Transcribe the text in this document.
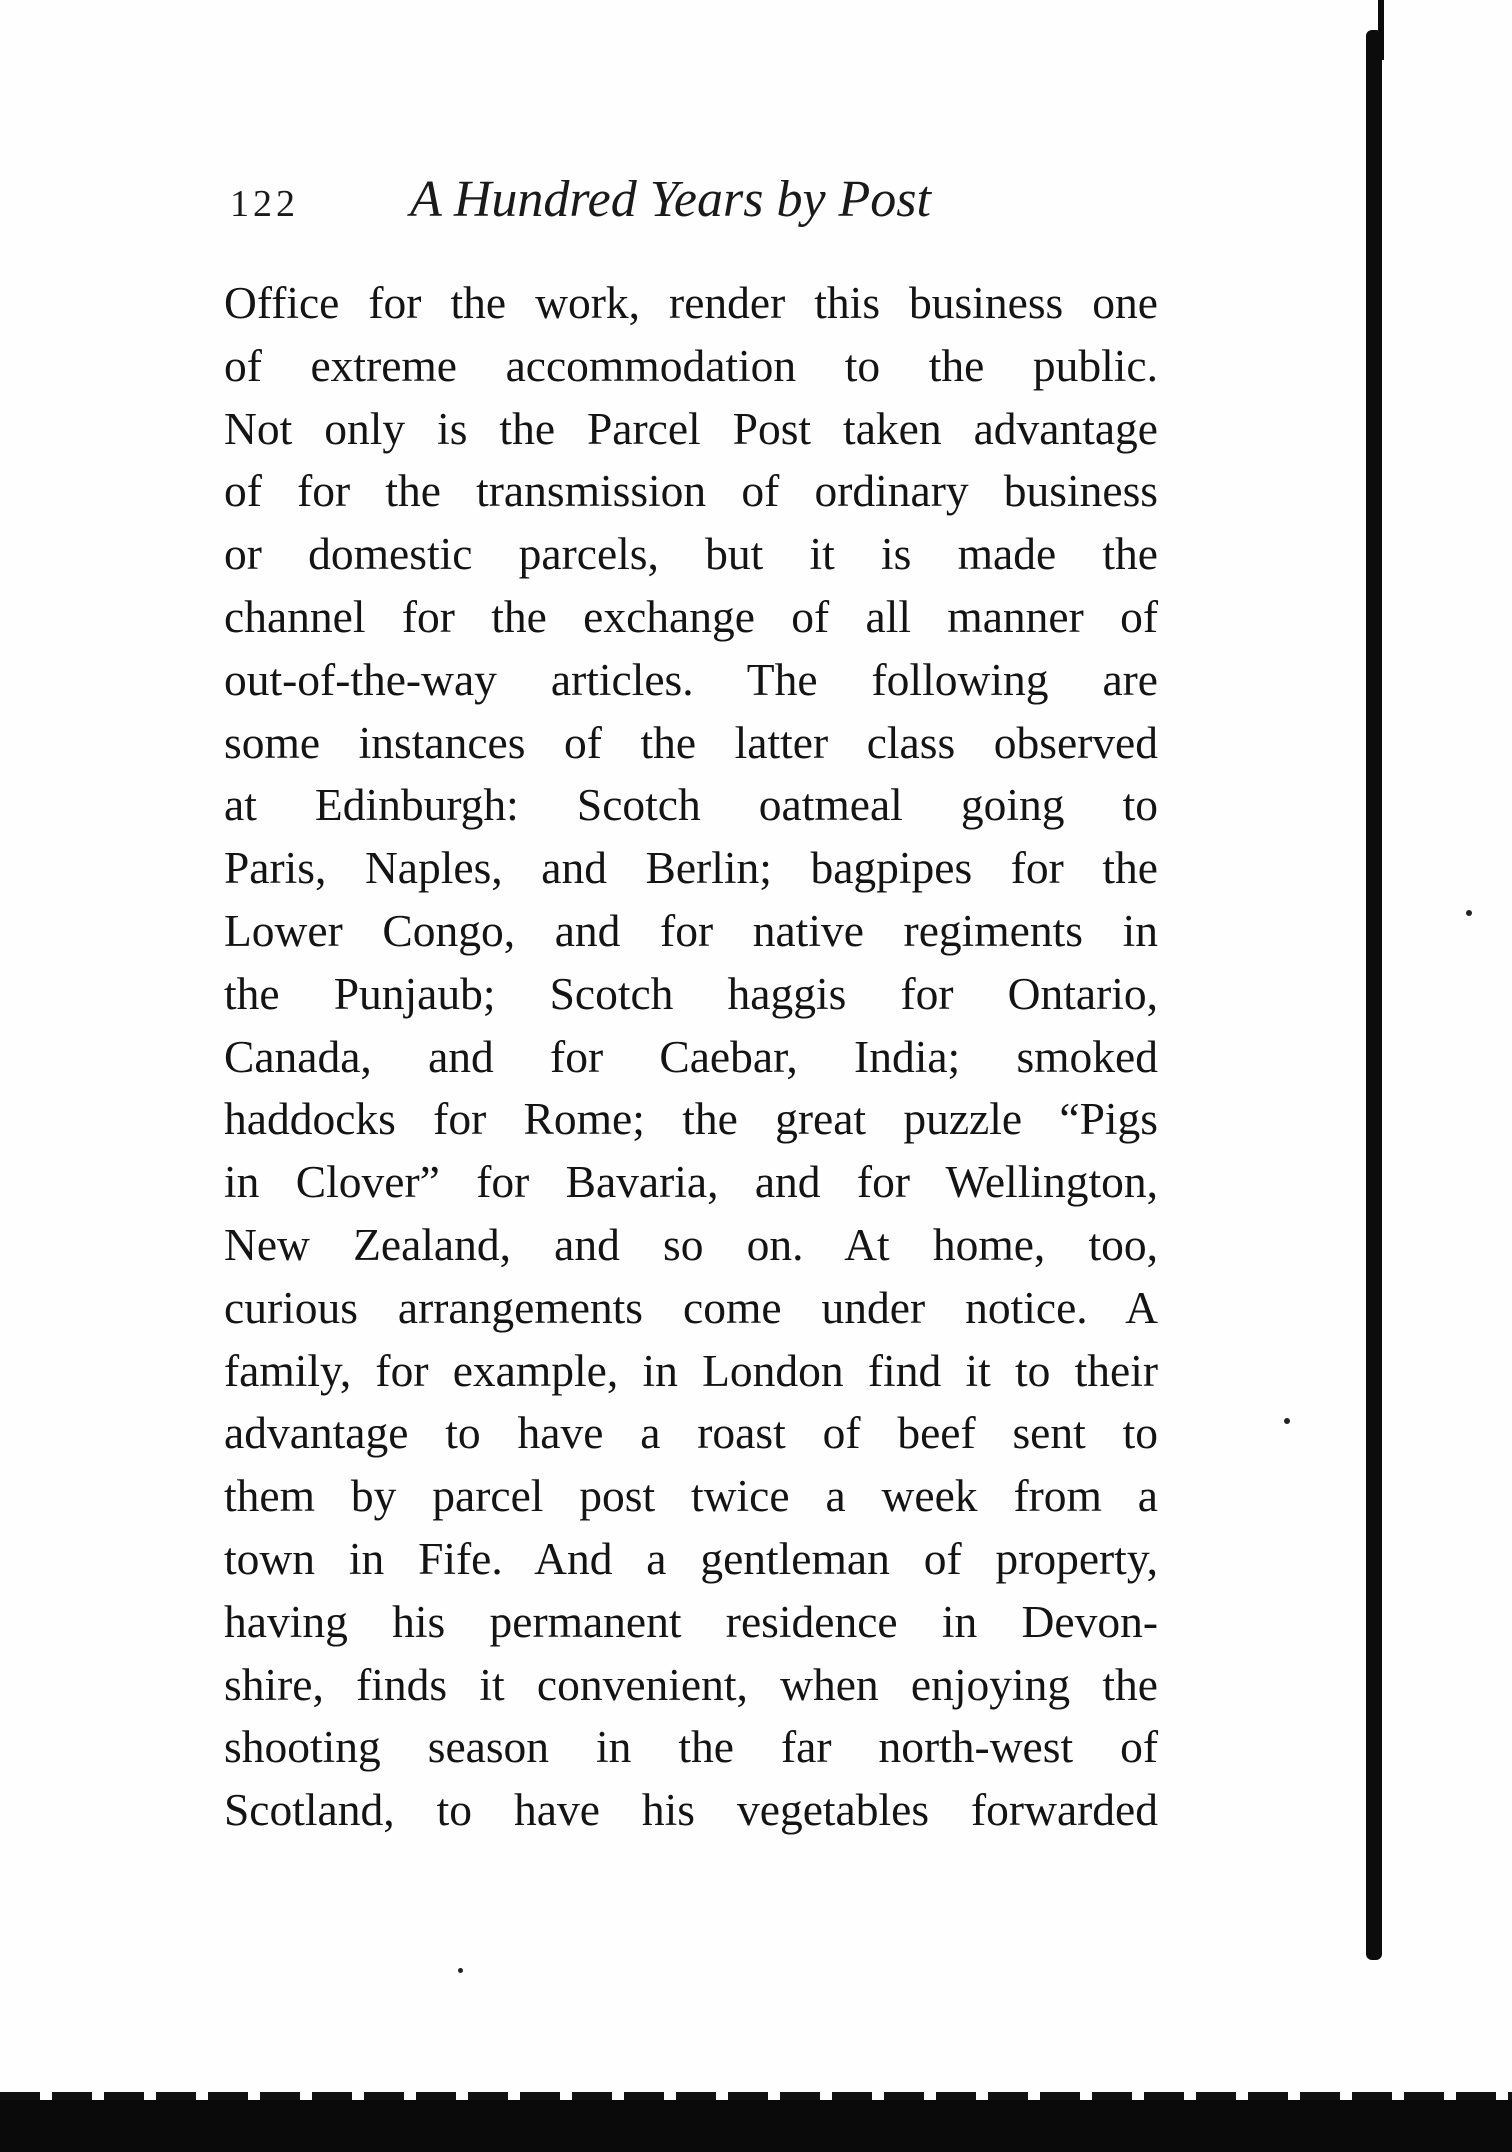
122 A Hundred Years by Post
Office for the work, render this business one
of extreme accommodation to the public.
Not only is the Parcel Post taken advantage
of for the transmission of ordinary business
or domestic parcels, but it is made the
channel for the exchange of all manner of
out-of-the-way articles. The following are
some instances of the latter class observed
at Edinburgh: Scotch oatmeal going to
Paris, Naples, and Berlin; bagpipes for the
Lower Congo, and for native regiments in
the Punjaub; Scotch haggis for Ontario,
Canada, and for Caebar, India; smoked
haddocks for Rome; the great puzzle “Pigs
in Clover” for Bavaria, and for Wellington,
New Zealand, and so on. At home, too,
curious arrangements come under notice. A
family, for example, in London find it to their
advantage to have a roast of beef sent to
them by parcel post twice a week from a
town in Fife. And a gentleman of property,
having his permanent residence in Devon-
shire, finds it convenient, when enjoying the
shooting season in the far north-west of
Scotland, to have his vegetables forwarded
